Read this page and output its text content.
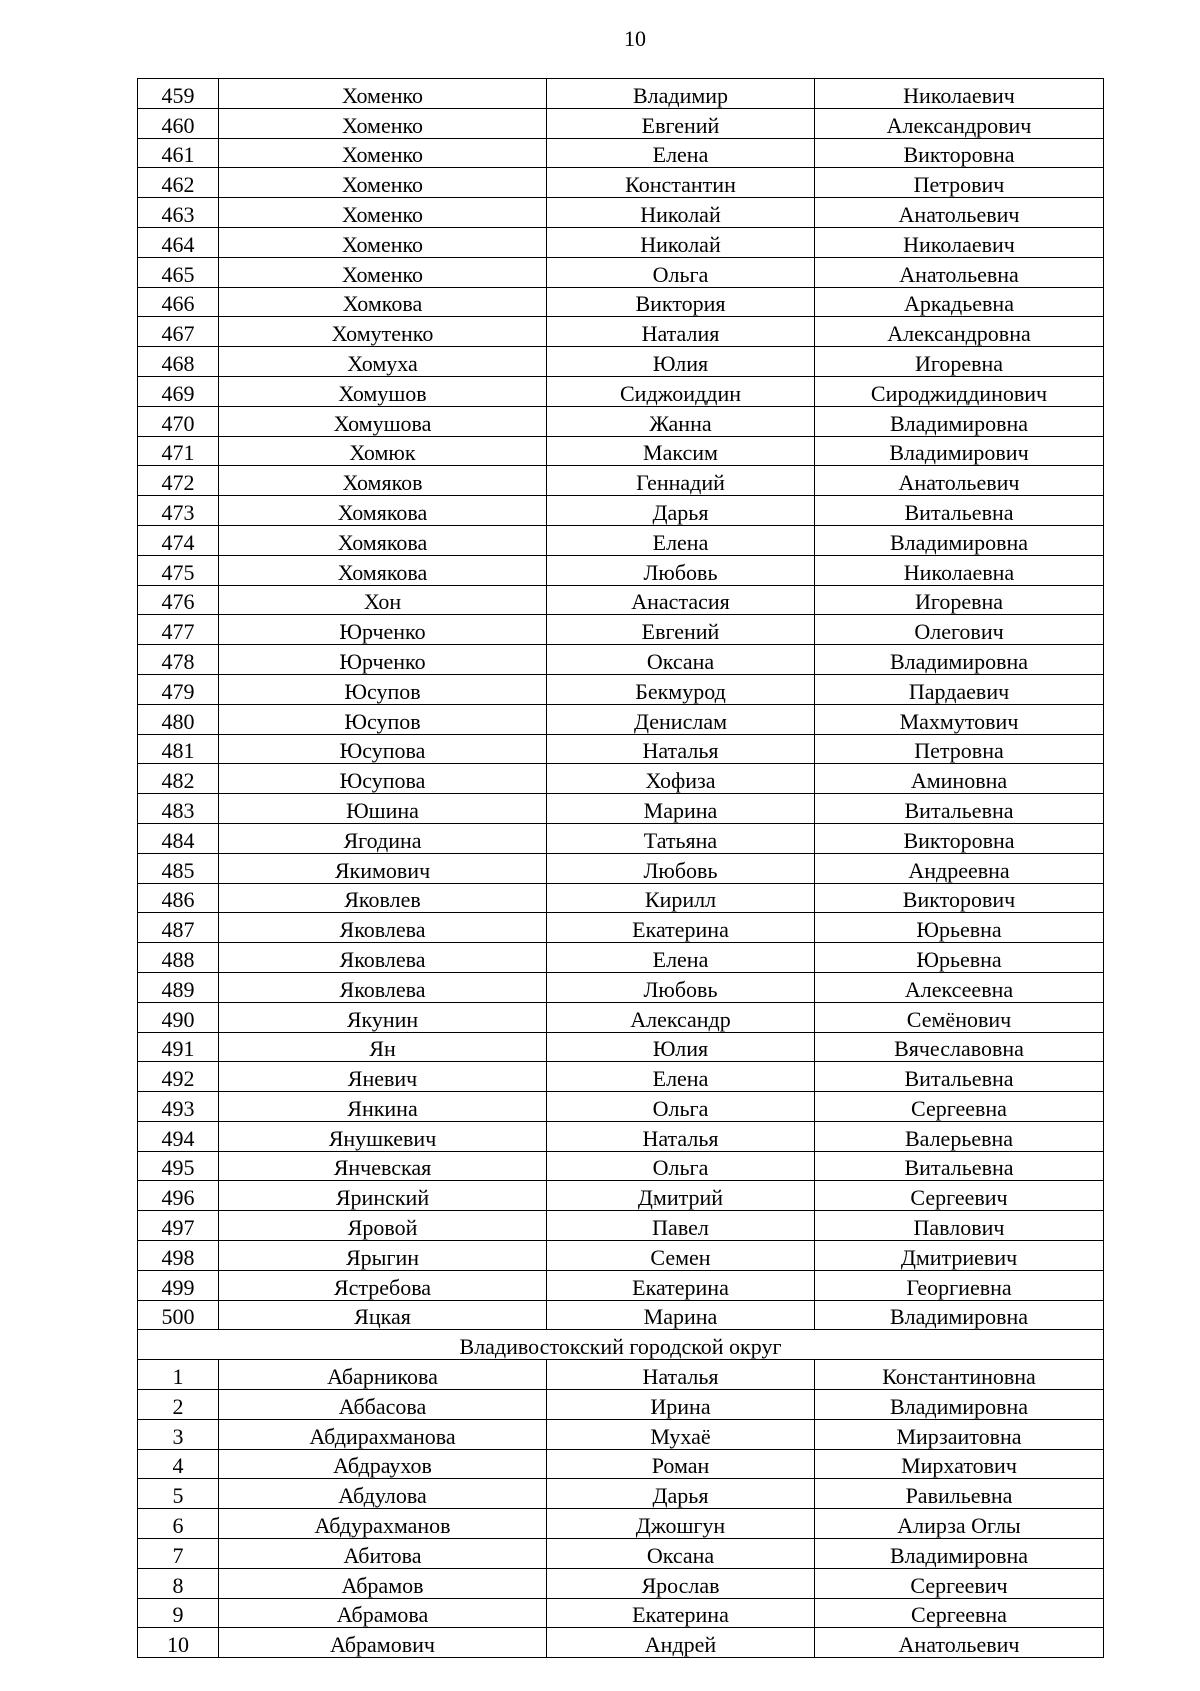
10
459	Хоменко	Владимир	Николаевич
460	Хоменко	Евгений	Александрович
461	Хоменко	Елена	Викторовна
462	Хоменко	Константин	Петрович
463	Хоменко	Николай	Анатольевич
464	Хоменко	Николай	Николаевич
465	Хоменко	Ольга	Анатольевна
466	Хомкова	Виктория	Аркадьевна
467	Хомутенко	Наталия	Александровна
468	Хомуха	Юлия	Игоревна
469	Хомушов	Сиджоиддин	Сироджиддинович
470	Хомушова	Жанна	Владимировна
471	Хомюк	Максим	Владимирович
472	Хомяков	Геннадий	Анатольевич
473	Хомякова	Дарья	Витальевна
474	Хомякова	Елена	Владимировна
475	Хомякова	Любовь	Николаевна
476	Хон	Анастасия	Игоревна
477	Юрченко	Евгений	Олегович
478	Юрченко	Оксана	Владимировна
479	Юсупов	Бекмурод	Пардаевич
480	Юсупов	Денислам	Махмутович
481	Юсупова	Наталья	Петровна
482	Юсупова	Хофиза	Аминовна
483	Юшина	Марина	Витальевна
484	Ягодина	Татьяна	Викторовна
485	Якимович	Любовь	Андреевна
486	Яковлев	Кирилл	Викторович
487	Яковлева	Екатерина	Юрьевна
488	Яковлева	Елена	Юрьевна
489	Яковлева	Любовь	Алексеевна
490	Якунин	Александр	Семёнович
491	Ян	Юлия	Вячеславовна
492	Яневич	Елена	Витальевна
493	Янкина	Ольга	Сергеевна
494	Янушкевич	Наталья	Валерьевна
495	Янчевская	Ольга	Витальевна
496	Яринский	Дмитрий	Сергеевич
497	Яровой	Павел	Павлович
498	Ярыгин	Семен	Дмитриевич
499	Ястребова	Екатерина	Георгиевна
500	Яцкая	Марина	Владимировна
Владивостокский городской округ			
1	Абарникова	Наталья	Константиновна
2	Аббасова	Ирина	Владимировна
3	Абдирахманова	Мухаё	Мирзаитовна
4	Абдраухов	Роман	Мирхатович
5	Абдулова	Дарья	Равильевна
6	Абдурахманов	Джошгун	Алирза Оглы
7	Абитова	Оксана	Владимировна
8	Абрамов	Ярослав	Сергеевич
9	Абрамова	Екатерина	Сергеевна
10	Абрамович	Андрей	Анатольевич
